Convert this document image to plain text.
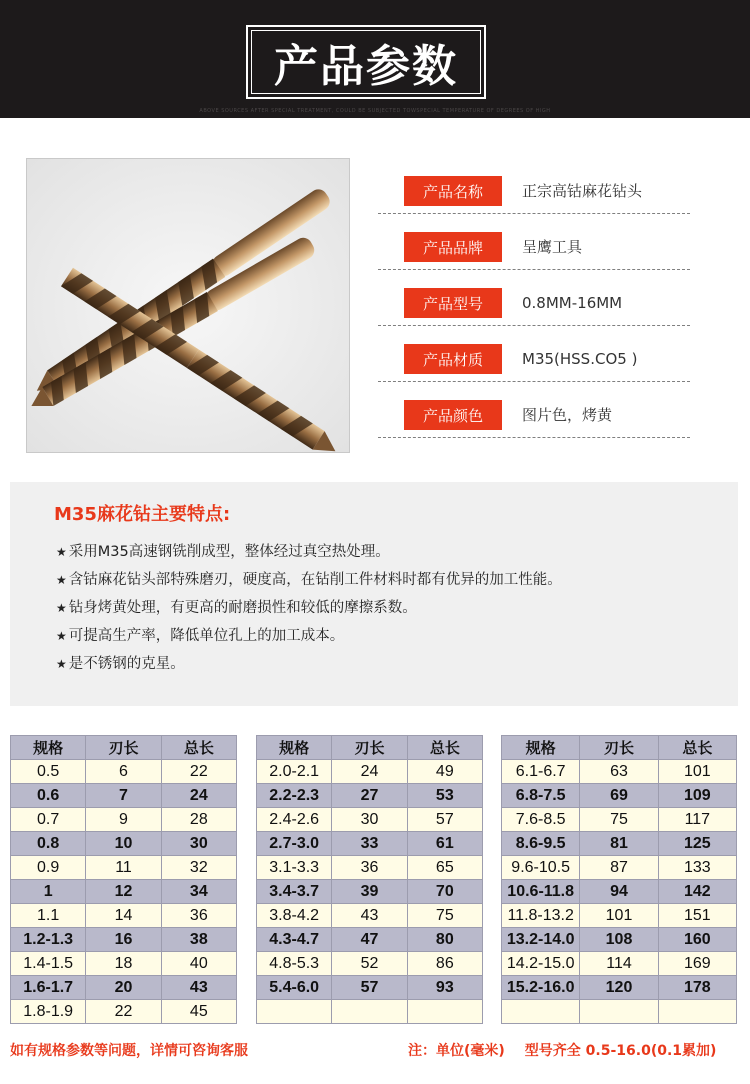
产品参数
ABOVE SOURCES AFTER SPECIAL TREATMENT, COULD BE SUBJECTED TOWSPECIAL TEMPERATURE OF DEGREES OF HIGH
产品名称	正宗高钴麻花钻头
产品品牌	呈鹰工具
产品型号	0.8MM-16MM
产品材质	M35(HSS.CO5 )
产品颜色	图片色，烤黄
M35麻花钻主要特点:
★ 采用M35高速钢铣削成型，整体经过真空热处理。
★ 含钴麻花钻头部特殊磨刃，硬度高，在钻削工件材料时都有优异的加工性能。
★ 钻身烤黄处理，有更高的耐磨损性和较低的摩擦系数。
★ 可提高生产率，降低单位孔上的加工成本。
★ 是不锈钢的克星。
规格	刃长	总长
0.5	6	22
0.6	7	24
0.7	9	28
0.8	10	30
0.9	11	32
1	12	34
1.1	14	36
1.2-1.3	16	38
1.4-1.5	18	40
1.6-1.7	20	43
1.8-1.9	22	45
规格	刃长	总长
2.0-2.1	24	49
2.2-2.3	27	53
2.4-2.6	30	57
2.7-3.0	33	61
3.1-3.3	36	65
3.4-3.7	39	70
3.8-4.2	43	75
4.3-4.7	47	80
4.8-5.3	52	86
5.4-6.0	57	93

规格	刃长	总长
6.1-6.7	63	101
6.8-7.5	69	109
7.6-8.5	75	117
8.6-9.5	81	125
9.6-10.5	87	133
10.6-11.8	94	142
11.8-13.2	101	151
13.2-14.0	108	160
14.2-15.0	114	169
15.2-16.0	120	178

如有规格参数等问题，详情可咨询客服	注：单位(毫米) 型号齐全 0.5-16.0(0.1累加)
